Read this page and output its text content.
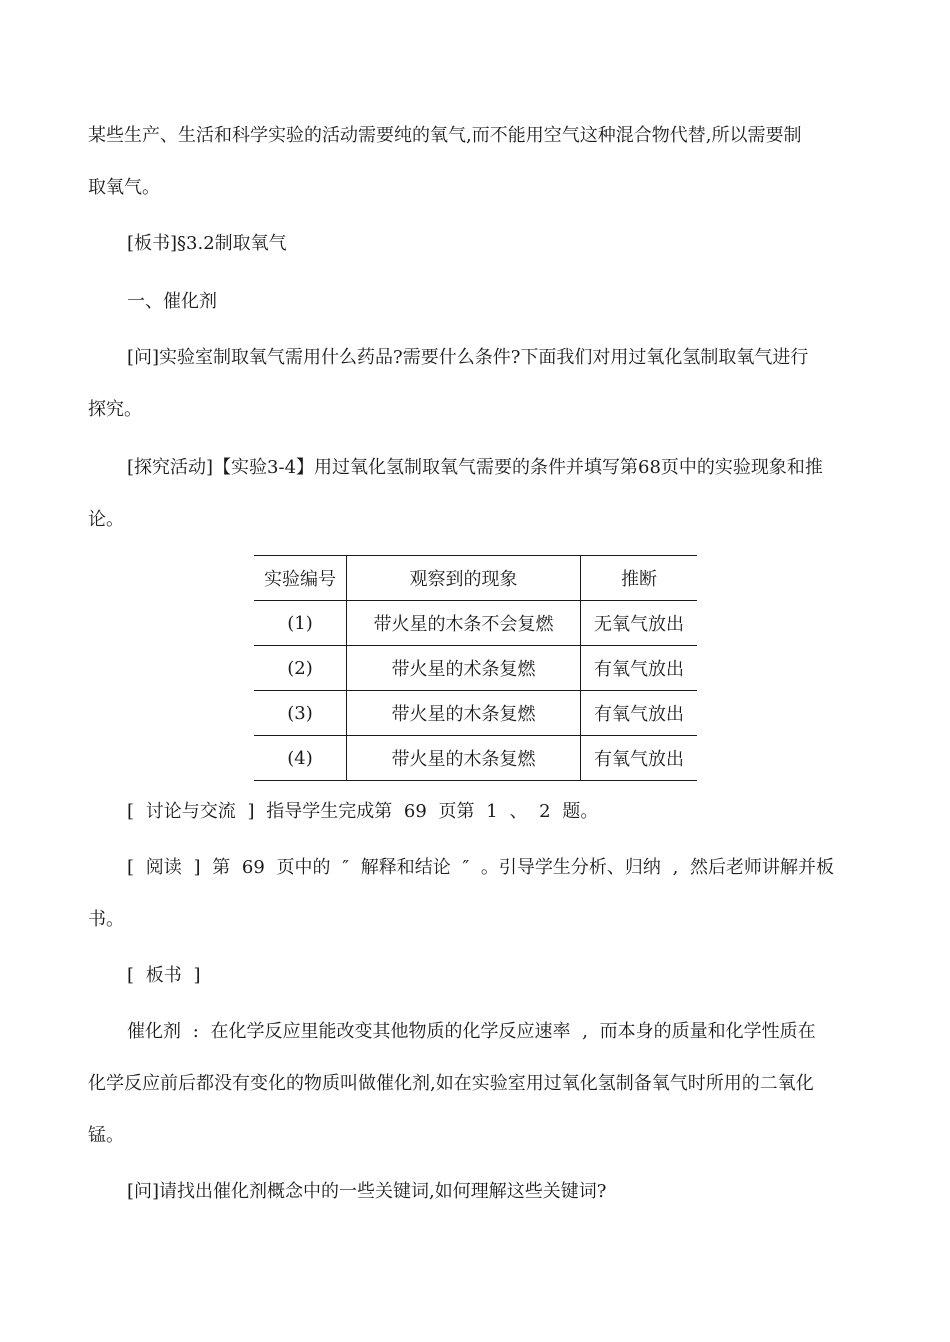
某些生产、生活和科学实验的活动需要纯的氧气,而不能用空气这种混合物代替,所以需要制
取氧气。
[板书]§3.2制取氧气
一、催化剂
[问]实验室制取氧气需用什么药品?需要什么条件?下面我们对用过氧化氢制取氧气进行
探究。
[探究活动]【实验3-4】用过氧化氢制取氧气需要的条件并填写第68页中的实验现象和推
论。
实验编号	观察到的现象	推断
(1)	带火星的木条不会复燃	无氧气放出
(2)	带火星的术条复燃	有氧气放出
(3)	带火星的木条复燃	有氧气放出
(4)	带火星的木条复燃	有氧气放出
[ 讨论与交流 ] 指导学生完成第 69 页第 1 、 2 题。
[ 阅读 ] 第 69 页中的 ″ 解释和结论 ″ 。引导学生分析、归纳 , 然后老师讲解并板
书。
[ 板书 ]
催化剂 : 在化学反应里能改变其他物质的化学反应速率 , 而本身的质量和化学性质在
化学反应前后都没有变化的物质叫做催化剂,如在实验室用过氧化氢制备氧气时所用的二氧化
锰。
[问]请找出催化剂概念中的一些关键词,如何理解这些关键词?
